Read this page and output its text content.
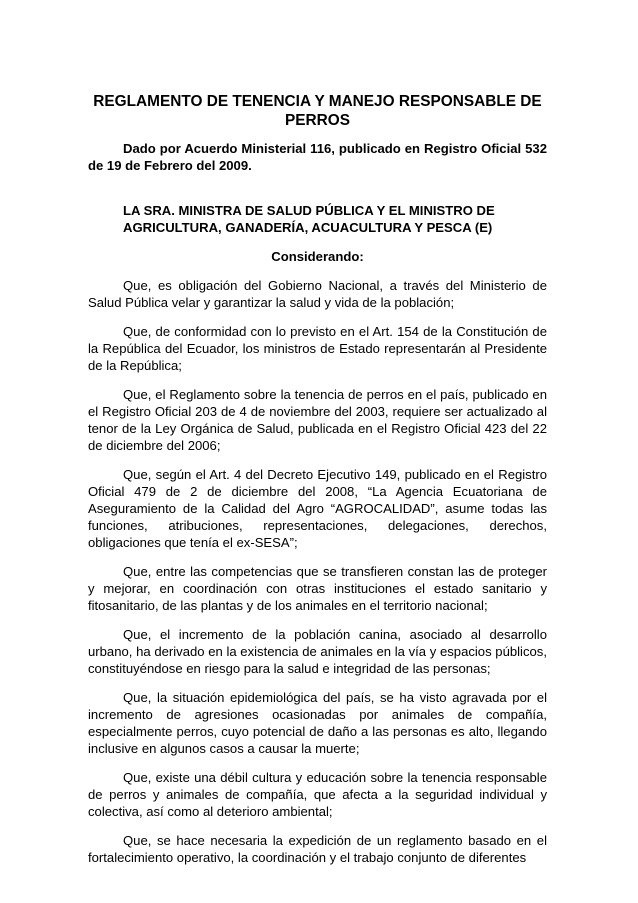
REGLAMENTO DE TENENCIA Y MANEJO RESPONSABLE DE PERROS
Dado por Acuerdo Ministerial 116, publicado en Registro Oficial 532 de 19 de Febrero del 2009.
LA SRA. MINISTRA DE SALUD PÚBLICA Y EL MINISTRO DE AGRICULTURA, GANADERÍA, ACUACULTURA Y PESCA (E)
Considerando:

Que, es obligación del Gobierno Nacional, a través del Ministerio de Salud Pública velar y garantizar la salud y vida de la población;

Que, de conformidad con lo previsto en el Art. 154 de la Constitución de la República del Ecuador, los ministros de Estado representarán al Presidente de la República;

Que, el Reglamento sobre la tenencia de perros en el país, publicado en el Registro Oficial 203 de 4 de noviembre del 2003, requiere ser actualizado al tenor de la Ley Orgánica de Salud, publicada en el Registro Oficial 423 del 22 de diciembre del 2006;

Que, según el Art. 4 del Decreto Ejecutivo 149, publicado en el Registro Oficial 479 de 2 de diciembre del 2008, “La Agencia Ecuatoriana de Aseguramiento de la Calidad del Agro “AGROCALIDAD”, asume todas las funciones, atribuciones, representaciones, delegaciones, derechos, obligaciones que tenía el ex-SESA”;

Que, entre las competencias que se transfieren constan las de proteger y mejorar, en coordinación con otras instituciones el estado sanitario y fitosanitario, de las plantas y de los animales en el territorio nacional;

Que, el incremento de la población canina, asociado al desarrollo urbano, ha derivado en la existencia de animales en la vía y espacios públicos, constituyéndose en riesgo para la salud e integridad de las personas;

Que, la situación epidemiológica del país, se ha visto agravada por el incremento de agresiones ocasionadas por animales de compañía, especialmente perros, cuyo potencial de daño a las personas es alto, llegando inclusive en algunos casos a causar la muerte;

Que, existe una débil cultura y educación sobre la tenencia responsable de perros y animales de compañía, que afecta a la seguridad individual y colectiva, así como al deterioro ambiental;

Que, se hace necesaria la expedición de un reglamento basado en el fortalecimiento operativo, la coordinación y el trabajo conjunto de diferentes
